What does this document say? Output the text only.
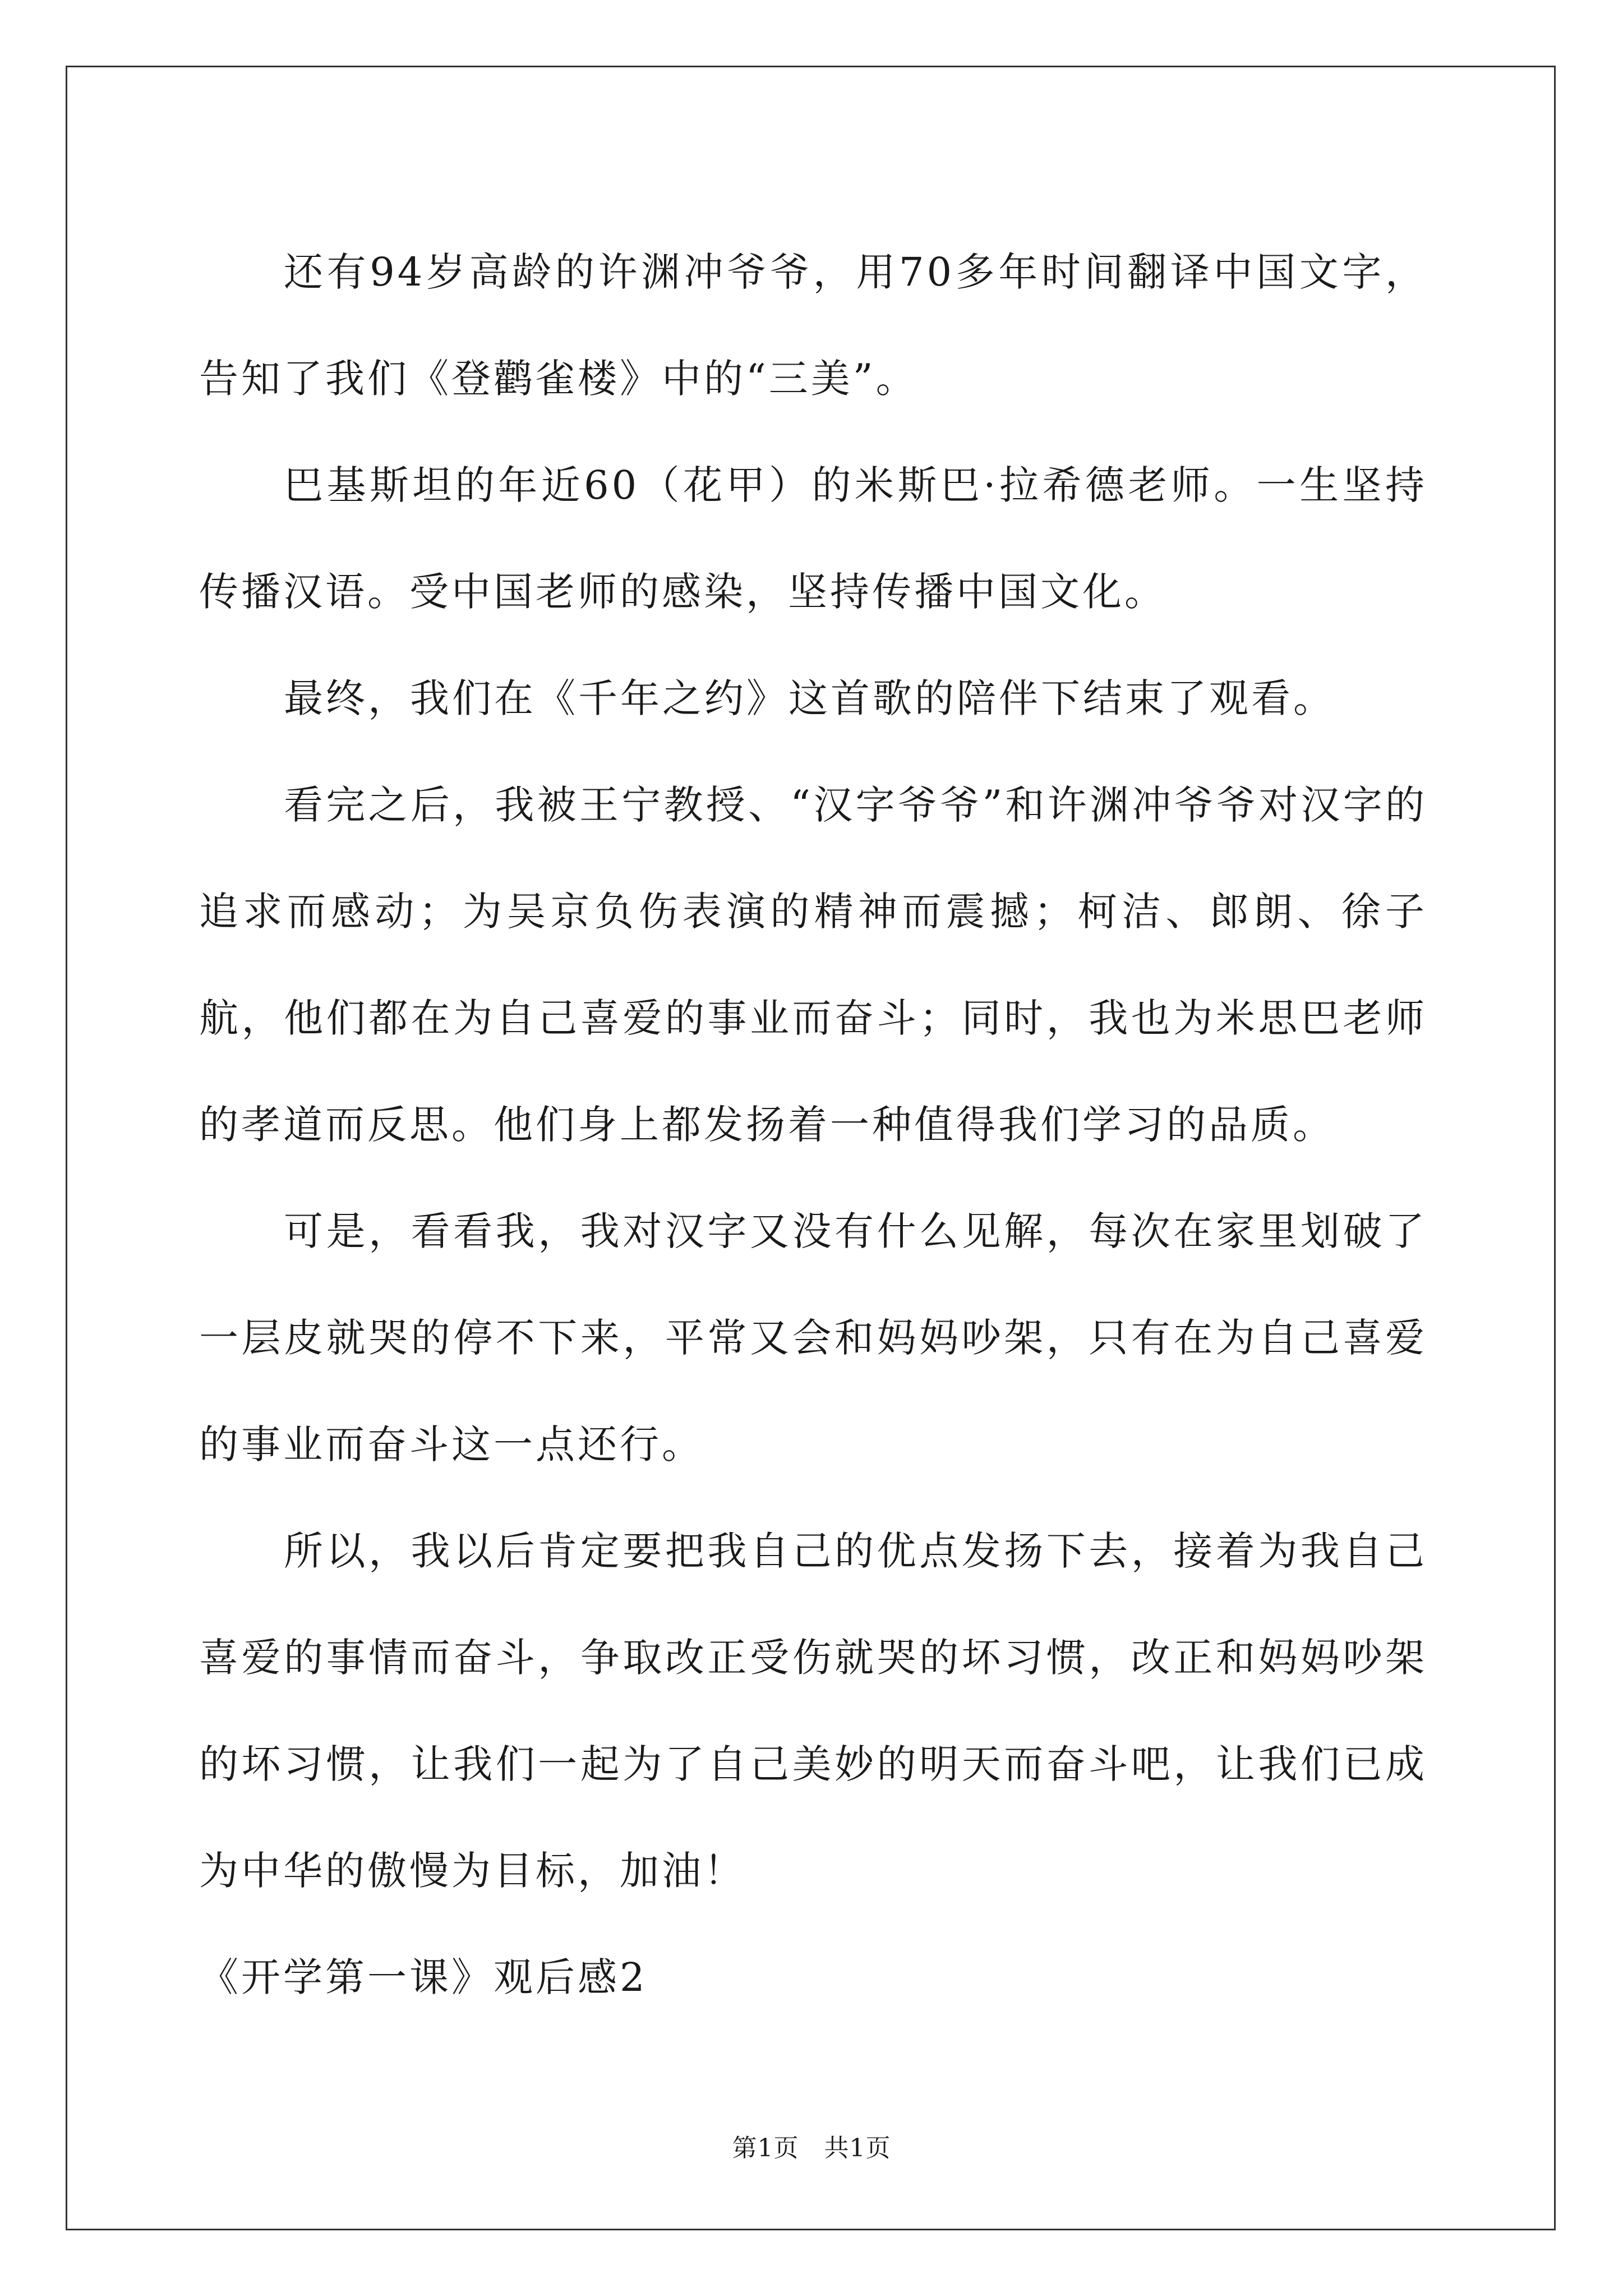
还有94岁高龄的许渊冲爷爷，用70多年时间翻译中国文字，告知了我们《登鹳雀楼》中的“三美”。

巴基斯坦的年近60（花甲）的米斯巴·拉希德老师。一生坚持传播汉语。受中国老师的感染，坚持传播中国文化。

最终，我们在《千年之约》这首歌的陪伴下结束了观看。

看完之后，我被王宁教授、“汉字爷爷”和许渊冲爷爷对汉字的追求而感动；为吴京负伤表演的精神而震撼；柯洁、郎朗、徐子航，他们都在为自己喜爱的事业而奋斗；同时，我也为米思巴老师的孝道而反思。他们身上都发扬着一种值得我们学习的品质。

可是，看看我，我对汉字又没有什么见解，每次在家里划破了一层皮就哭的停不下来，平常又会和妈妈吵架，只有在为自己喜爱的事业而奋斗这一点还行。

所以，我以后肯定要把我自己的优点发扬下去，接着为我自己喜爱的事情而奋斗，争取改正受伤就哭的坏习惯，改正和妈妈吵架的坏习惯，让我们一起为了自己美妙的明天而奋斗吧，让我们已成为中华的傲慢为目标，加油！

《开学第一课》观后感2

第1页 共1页
